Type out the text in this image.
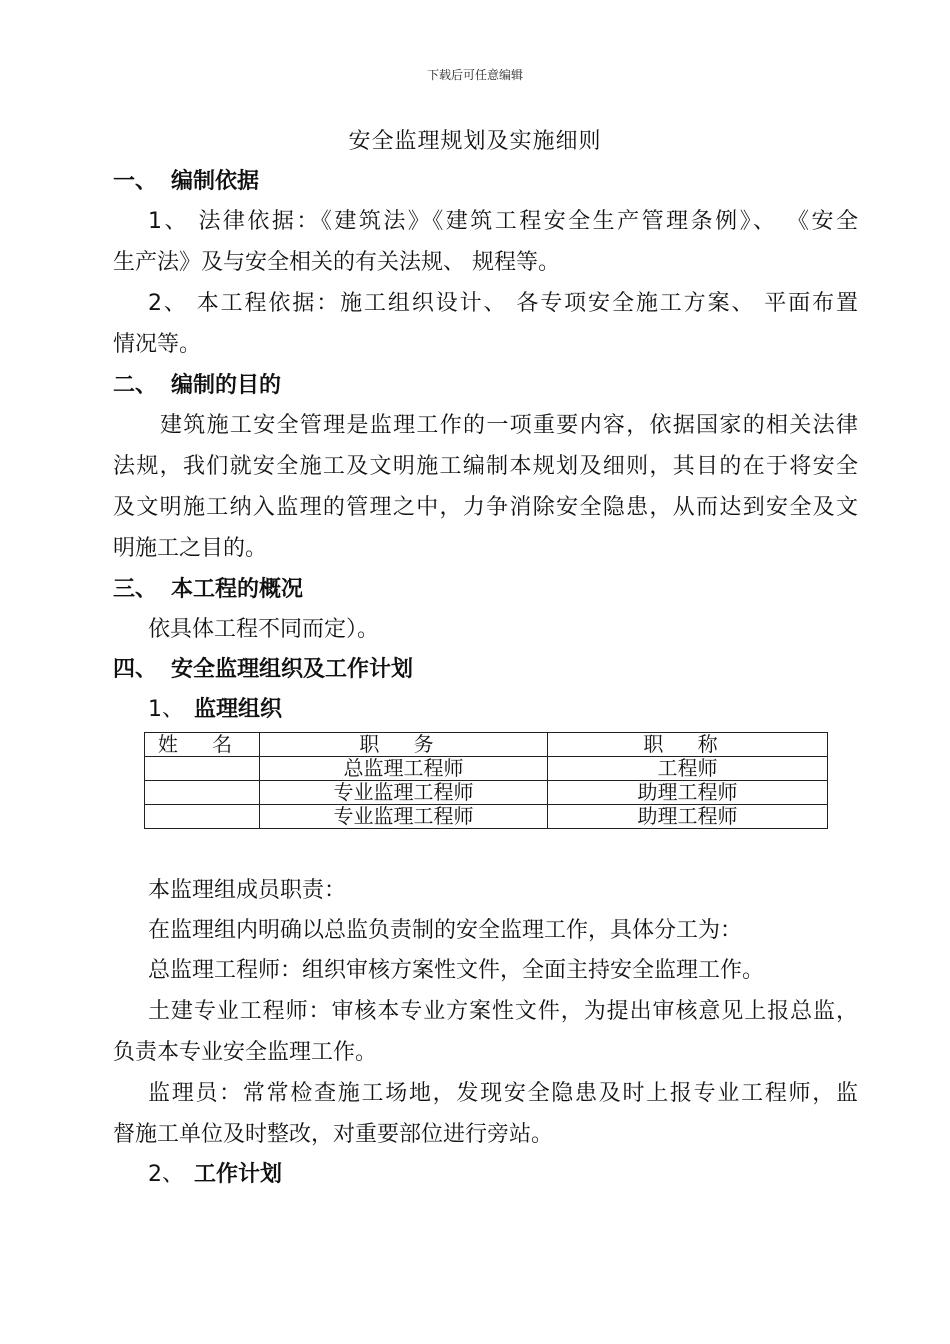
下载后可任意编辑
安全监理规划及实施细则
一、 编制依据
1、 法律依据：《建筑法》《建筑工程安全生产管理条例》、 《安全
生产法》及与安全相关的有关法规、 规程等。
2、 本工程依据：施工组织设计、 各专项安全施工方案、 平面布置
情况等。
二、 编制的目的
建筑施工安全管理是监理工作的一项重要内容，依据国家的相关法律
法规，我们就安全施工及文明施工编制本规划及细则，其目的在于将安全
及文明施工纳入监理的管理之中，力争消除安全隐患，从而达到安全及文
明施工之目的。
三、 本工程的概况
依具体工程不同而定）。
四、 安全监理组织及工作计划
1、 监理组织
姓 名	职 务	职 称
	总监理工程师	工程师
	专业监理工程师	助理工程师
	专业监理工程师	助理工程师
本监理组成员职责：
在监理组内明确以总监负责制的安全监理工作，具体分工为：
总监理工程师：组织审核方案性文件，全面主持安全监理工作。
土建专业工程师：审核本专业方案性文件，为提出审核意见上报总监，
负责本专业安全监理工作。
监理员：常常检查施工场地，发现安全隐患及时上报专业工程师，监
督施工单位及时整改，对重要部位进行旁站。
2、 工作计划
